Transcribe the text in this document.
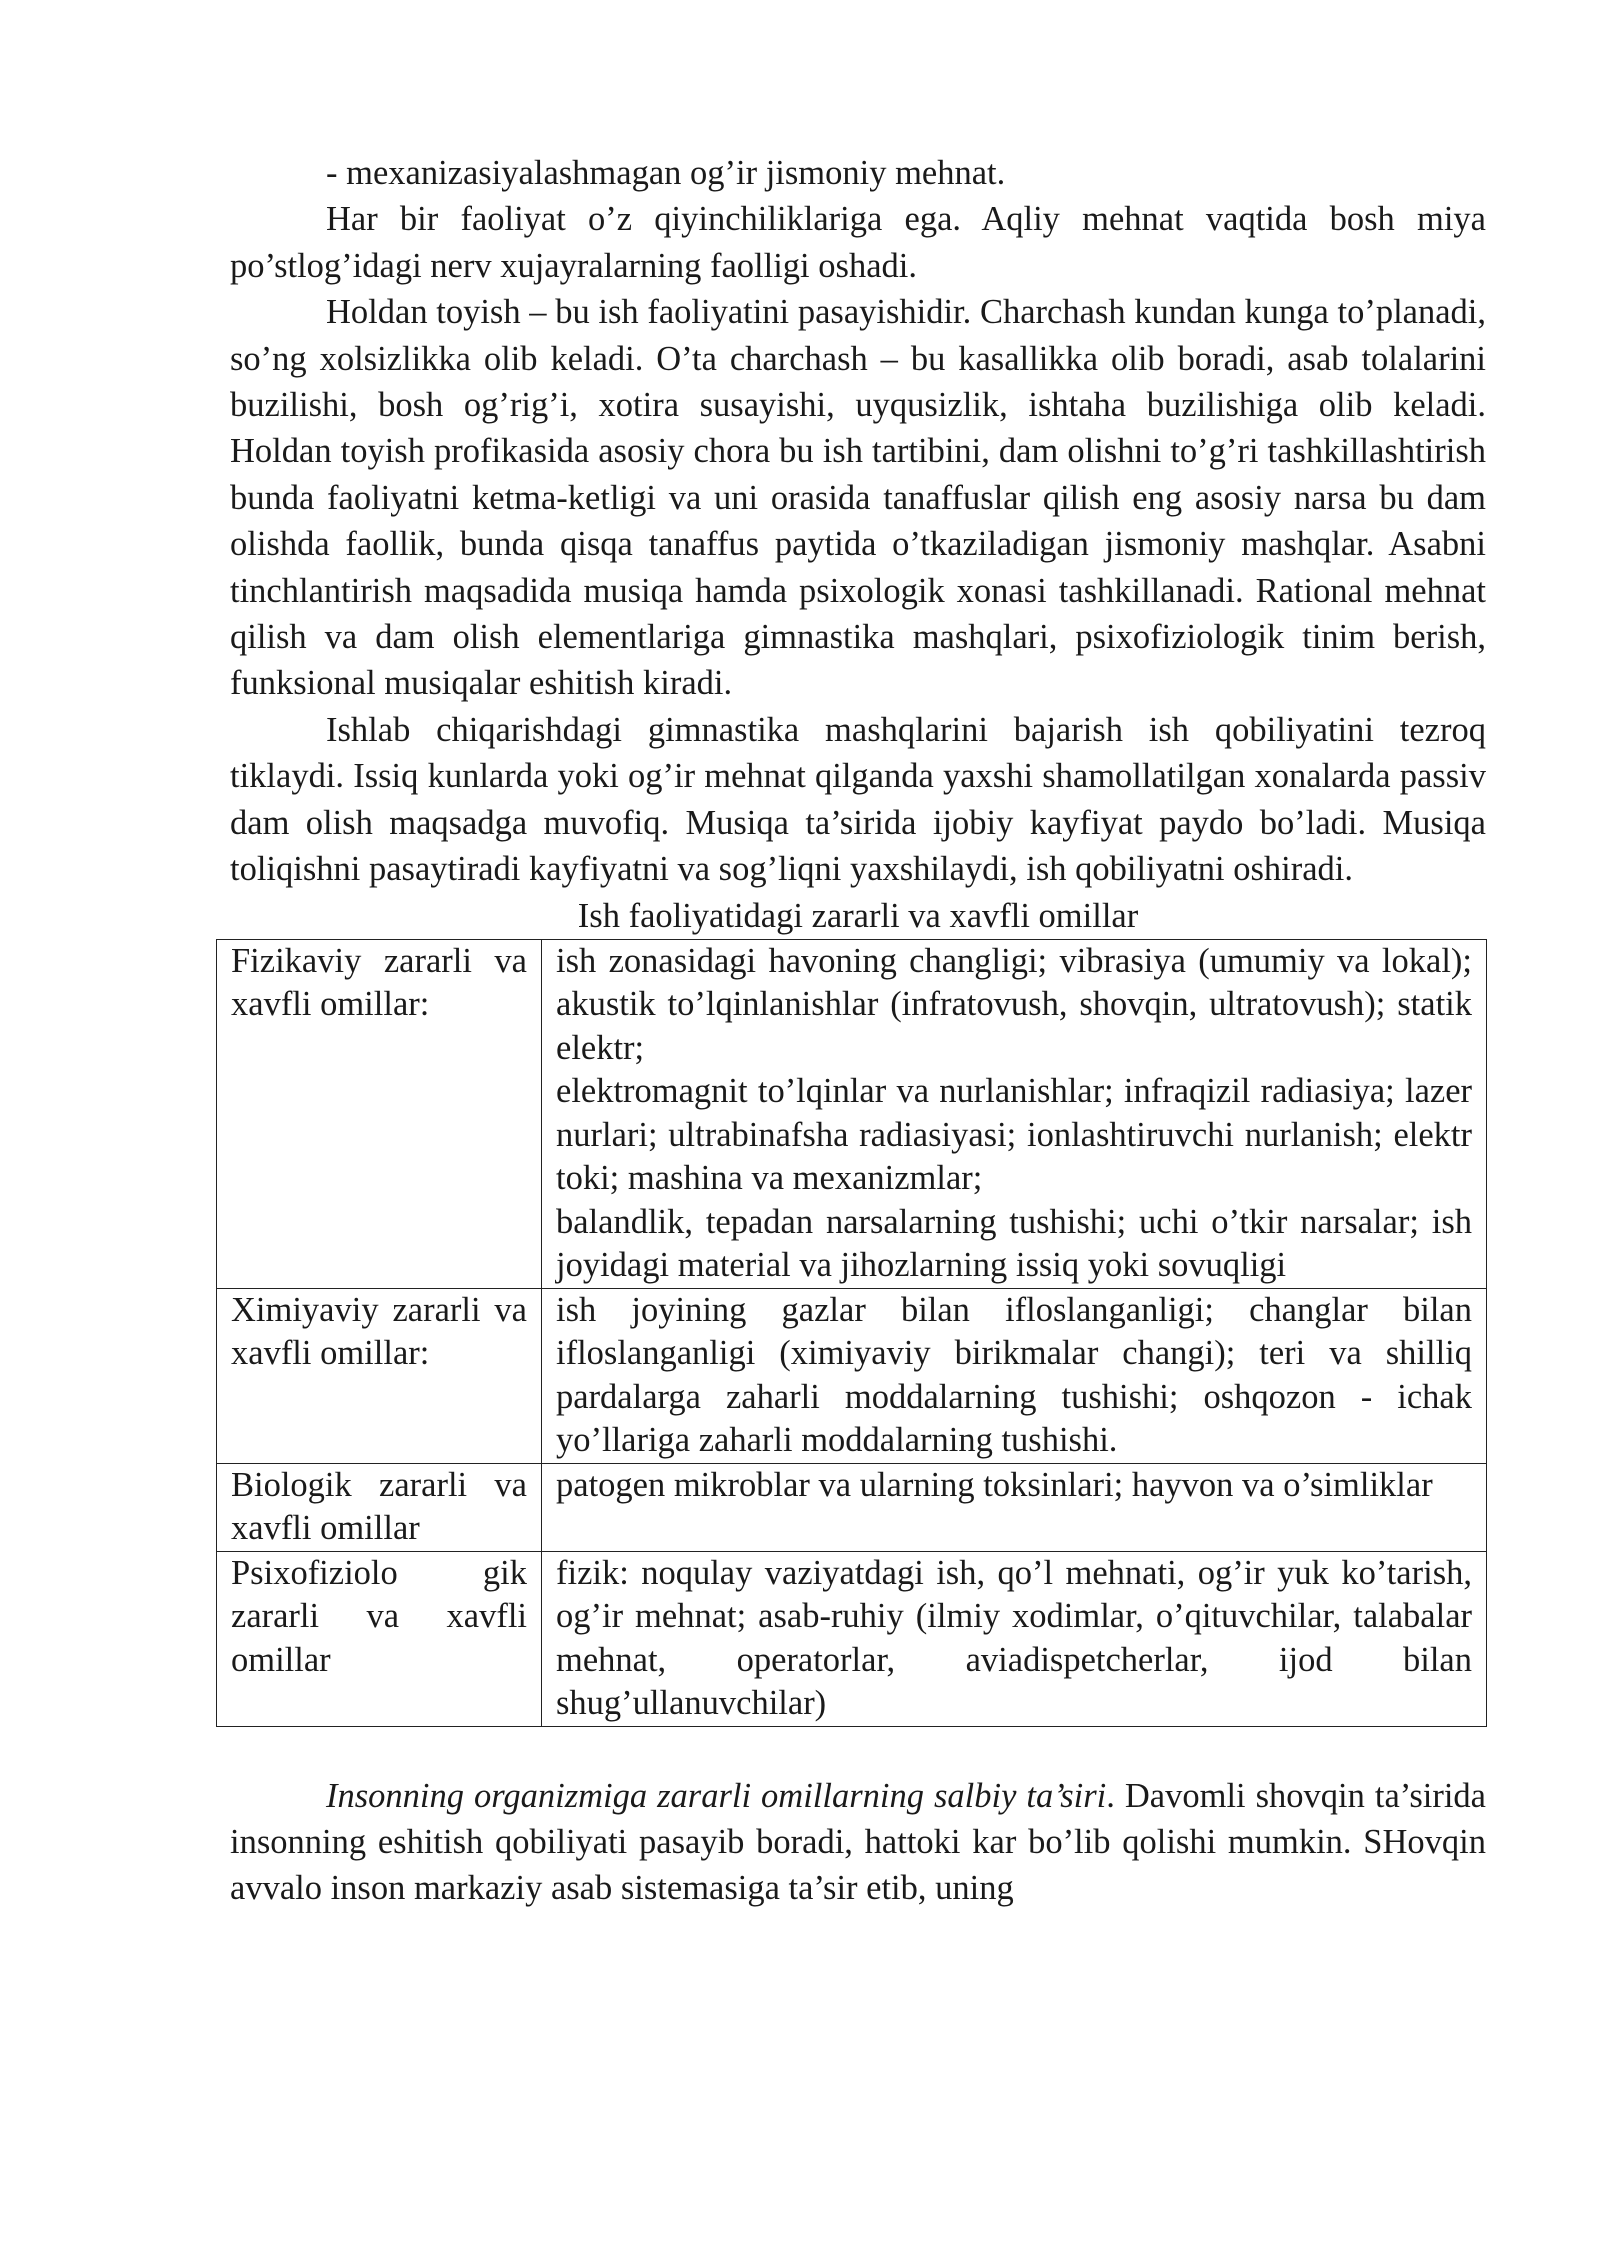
- mexanizasiyalashmagan og’ir jismoniy mehnat.

Har bir faoliyat o’z qiyinchiliklariga ega. Aqliy mehnat vaqtida bosh miya po’stlog’idagi nerv xujayralarning faolligi oshadi.

Holdan toyish – bu ish faoliyatini pasayishidir. Charchash kundan kunga to’planadi, so’ng xolsizlikka olib keladi. O’ta charchash – bu kasallikka olib boradi, asab tolalarini buzilishi, bosh og’rig’i, xotira susayishi, uyqusizlik, ishtaha buzilishiga olib keladi. Holdan toyish profikasida asosiy chora bu ish tartibini, dam olishni to’g’ri tashkillashtirish bunda faoliyatni ketma-ketligi va uni orasida tanaffuslar qilish eng asosiy narsa bu dam olishda faollik, bunda qisqa tanaffus paytida o’tkaziladigan jismoniy mashqlar. Asabni tinchlantirish maqsadida musiqa hamda psixologik xonasi tashkillanadi. Rational mehnat qilish va dam olish elementlariga gimnastika mashqlari, psixofiziologik tinim berish, funksional musiqalar eshitish kiradi.

Ishlab chiqarishdagi gimnastika mashqlarini bajarish ish qobiliyatini tezroq tiklaydi. Issiq kunlarda yoki og’ir mehnat qilganda yaxshi shamollatilgan xonalarda passiv dam olish maqsadga muvofiq. Musiqa ta’sirida ijobiy kayfiyat paydo bo’ladi. Musiqa toliqishni pasaytiradi kayfiyatni va sog’liqni yaxshilaydi, ish qobiliyatni oshiradi.

Ish faoliyatidagi zararli va xavfli omillar

Fizikaviy zararli va xavfli omillar:	ish zonasidagi havoning changligi; vibrasiya (umumiy va lokal); akustik to’lqinlanishlar (infratovush, shovqin, ultratovush); statik elektr;
elektromagnit to’lqinlar va nurlanishlar; infraqizil radiasiya; lazer nurlari; ultrabinafsha radiasiyasi; ionlashtiruvchi nurlanish; elektr toki; mashina va mexanizmlar;
balandlik, tepadan narsalarning tushishi; uchi o’tkir narsalar; ish joyidagi material va jihozlarning issiq yoki sovuqligi

Ximiyaviy zararli va xavfli omillar:	ish joyining gazlar bilan ifloslanganligi; changlar bilan ifloslanganligi (ximiyaviy birikmalar changi); teri va shilliq pardalarga zaharli moddalarning tushishi; oshqozon - ichak yo’llariga zaharli moddalarning tushishi.

Biologik zararli va xavfli omillar	patogen mikroblar va ularning toksinlari; hayvon va o’simliklar

Psixofiziolo gik zararli va xavfli omillar	fizik: noqulay vaziyatdagi ish, qo’l mehnati, og’ir yuk ko’tarish, og’ir mehnat; asab-ruhiy (ilmiy xodimlar, o’qituvchilar, talabalar mehnat, operatorlar, aviadispetcherlar, ijod bilan shug’ullanuvchilar)

Insonning organizmiga zararli omillarning salbiy ta’siri. Davomli shovqin ta’sirida insonning eshitish qobiliyati pasayib boradi, hattoki kar bo’lib qolishi mumkin. SHovqin avvalo inson markaziy asab sistemasiga ta’sir etib, uning
